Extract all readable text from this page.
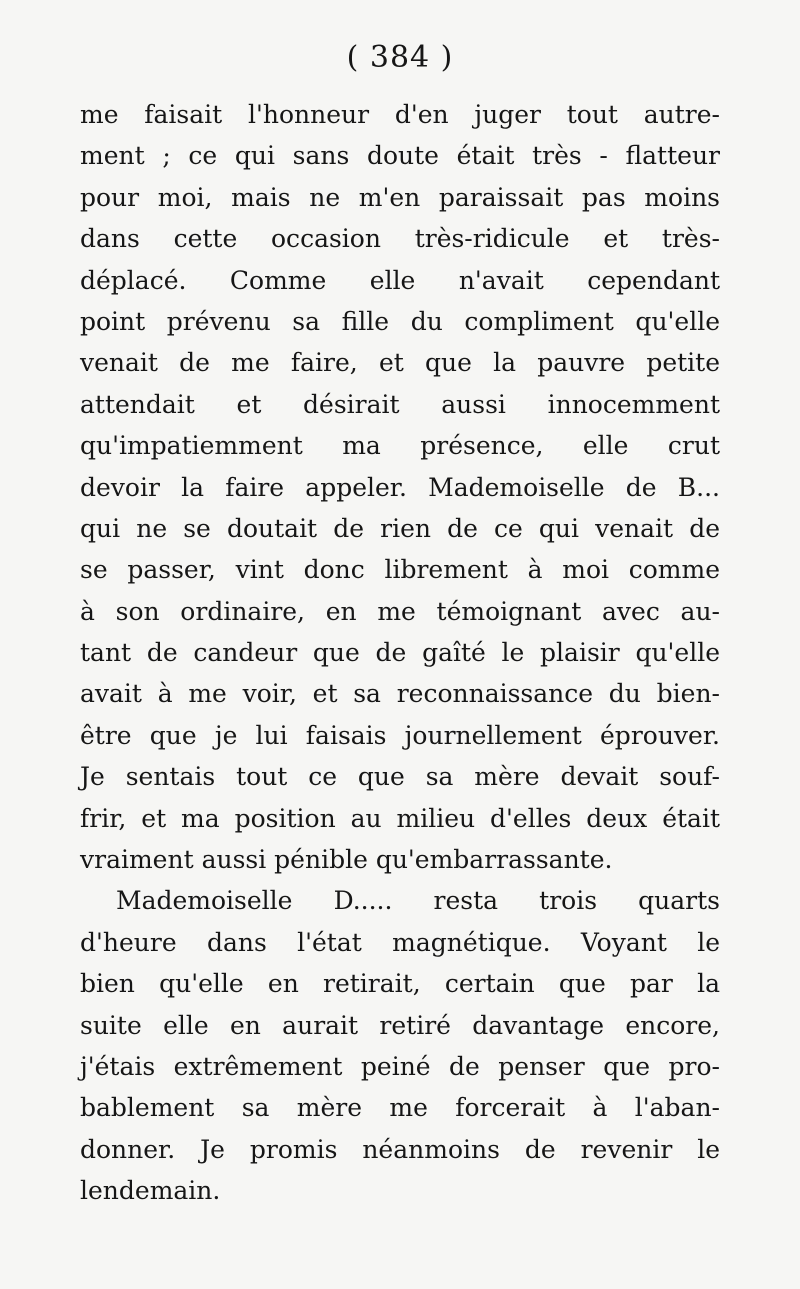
( 384 )
me faisait l'honneur d'en juger tout autre-
ment ; ce qui sans doute était très - flatteur
pour moi, mais ne m'en paraissait pas moins
dans cette occasion très-ridicule et très-
déplacé. Comme elle n'avait cependant
point prévenu sa fille du compliment qu'elle
venait de me faire, et que la pauvre petite
attendait et désirait aussi innocemment
qu'impatiemment ma présence, elle crut
devoir la faire appeler. Mademoiselle de B...
qui ne se doutait de rien de ce qui venait de
se passer, vint donc librement à moi comme
à son ordinaire, en me témoignant avec au-
tant de candeur que de gaîté le plaisir qu'elle
avait à me voir, et sa reconnaissance du bien-
être que je lui faisais journellement éprouver.
Je sentais tout ce que sa mère devait souf-
frir, et ma position au milieu d'elles deux était
vraiment aussi pénible qu'embarrassante.
Mademoiselle D..... resta trois quarts
d'heure dans l'état magnétique. Voyant le
bien qu'elle en retirait, certain que par la
suite elle en aurait retiré davantage encore,
j'étais extrêmement peiné de penser que pro-
bablement sa mère me forcerait à l'aban-
donner. Je promis néanmoins de revenir le
lendemain.
